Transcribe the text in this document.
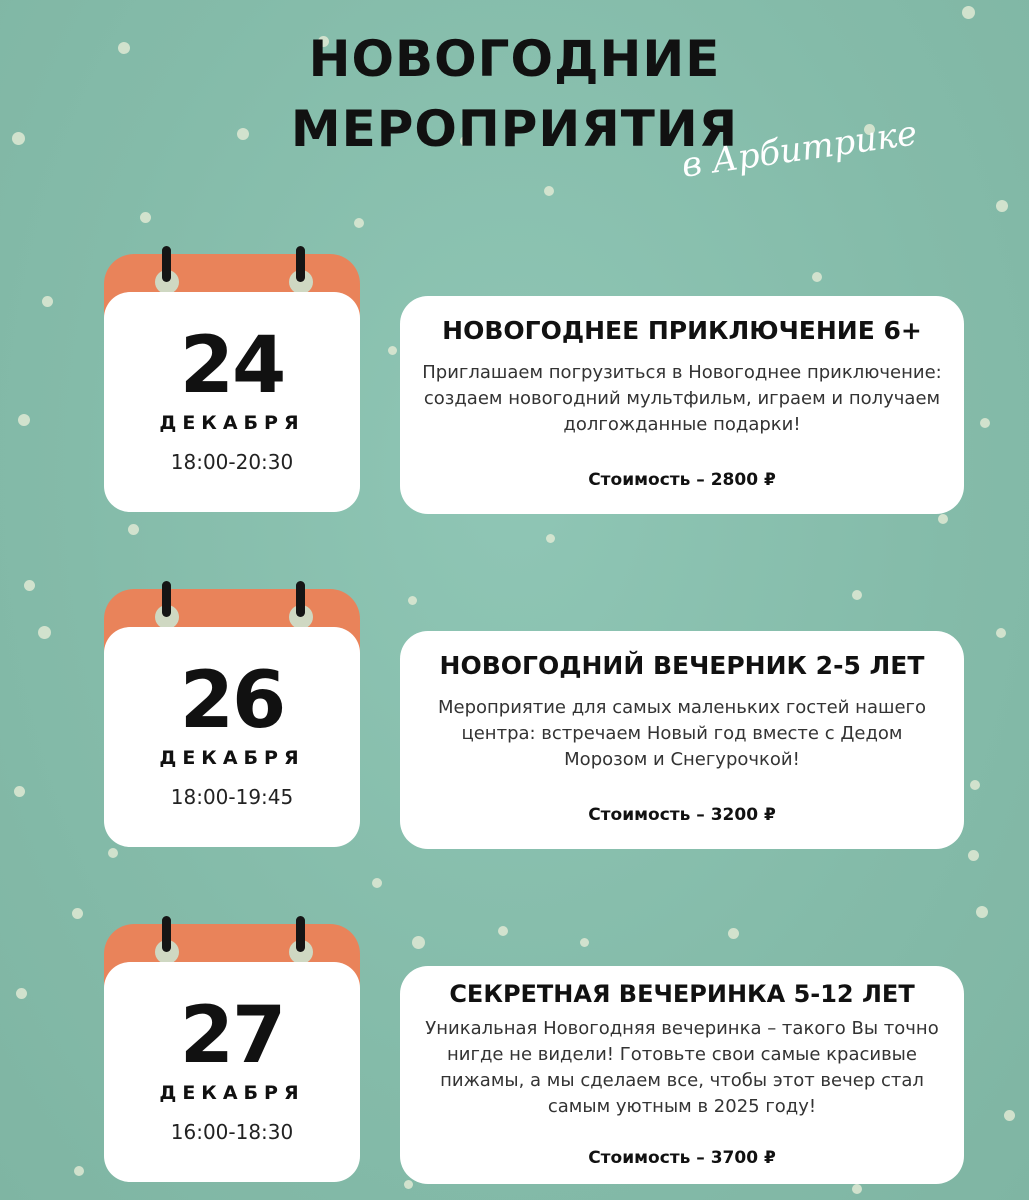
НОВОГОДНИЕ
МЕРОПРИЯТИЯ
в Арбитрике
24
ДЕКАБРЯ
18:00-20:30
НОВОГОДНЕЕ ПРИКЛЮЧЕНИЕ 6+
Приглашаем погрузиться в Новогоднее приключение: создаем новогодний мультфильм, играем и получаем долгожданные подарки!
Стоимость – 2800 ₽
26
ДЕКАБРЯ
18:00-19:45
НОВОГОДНИЙ ВЕЧЕРНИК 2-5 ЛЕТ
Мероприятие для самых маленьких гостей нашего центра: встречаем Новый год вместе с Дедом Морозом и Снегурочкой!
Стоимость – 3200 ₽
27
ДЕКАБРЯ
16:00-18:30
СЕКРЕТНАЯ ВЕЧЕРИНКА 5-12 ЛЕТ
Уникальная Новогодняя вечеринка – такого Вы точно нигде не видели! Готовьте свои самые красивые пижамы, а мы сделаем все, чтобы этот вечер стал самым уютным в 2025 году!
Стоимость – 3700 ₽
